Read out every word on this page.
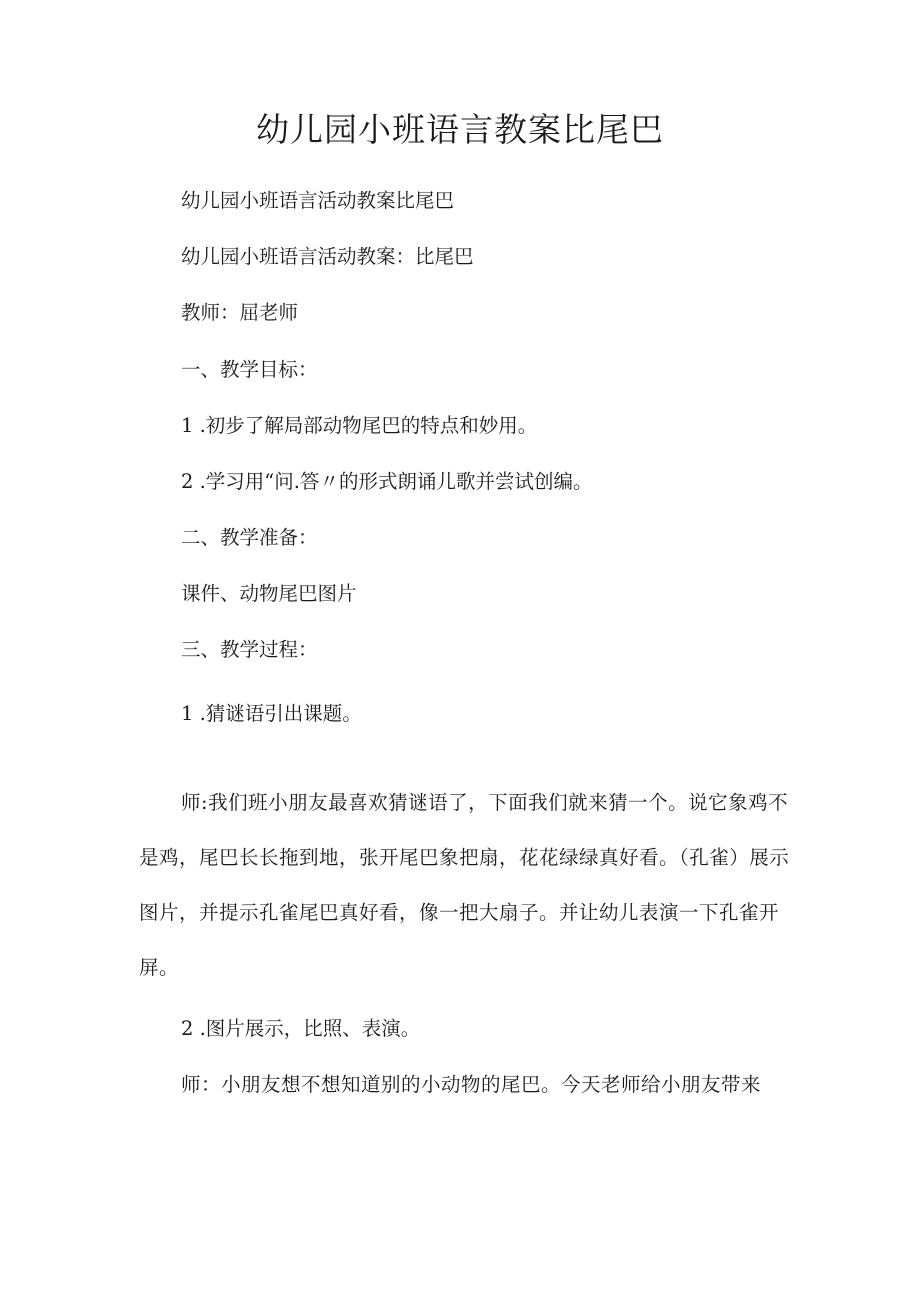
幼儿园小班语言教案比尾巴

幼儿园小班语言活动教案比尾巴

幼儿园小班语言活动教案：比尾巴

教师：屈老师

一、教学目标：

1 .初步了解局部动物尾巴的特点和妙用。

2 .学习用“问.答〃的形式朗诵儿歌并尝试创编。

二、教学准备：

课件、动物尾巴图片

三、教学过程：

1 .猜谜语引出课题。

师:我们班小朋友最喜欢猜谜语了，下面我们就来猜一个。说它象鸡不是鸡，尾巴长长拖到地，张开尾巴象把扇，花花绿绿真好看。（孔雀）展示图片，并提示孔雀尾巴真好看，像一把大扇子。并让幼儿表演一下孔雀开屏。

2 .图片展示，比照、表演。

师：小朋友想不想知道别的小动物的尾巴。今天老师给小朋友带来
